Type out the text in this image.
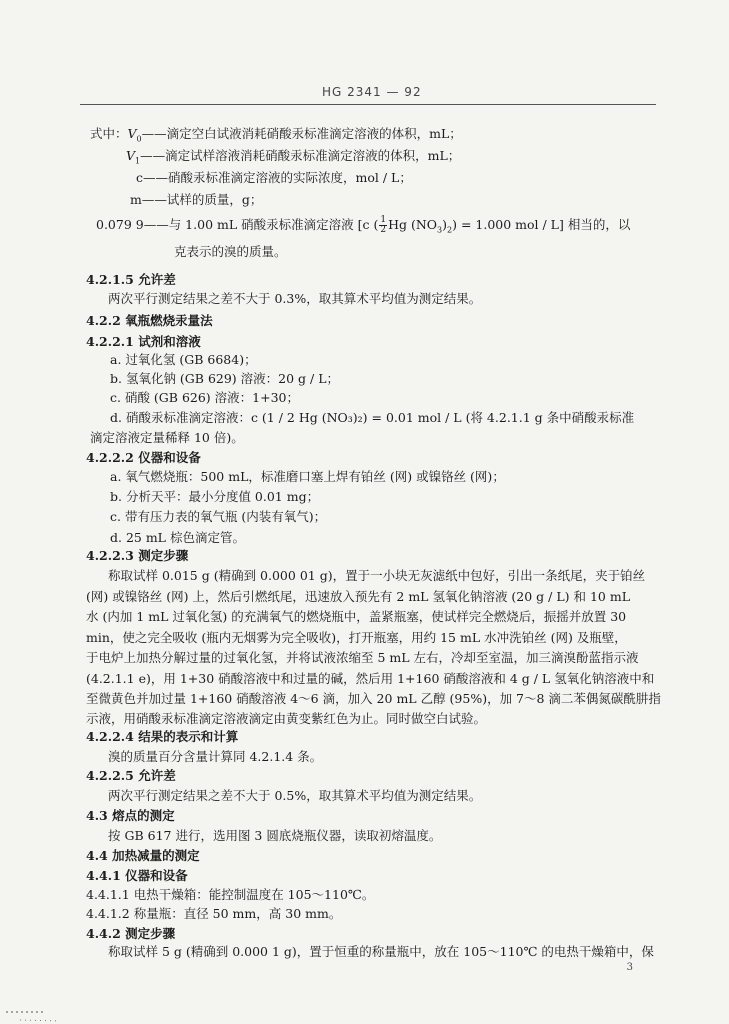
HG 2341 — 92
式中：$V_0——$滴定空白试液消耗硝酸汞标准滴定溶液的体积，mL；
$V_1——$滴定试样溶液消耗硝酸汞标准滴定溶液的体积，mL；
c——硝酸汞标准滴定溶液的实际浓度，mol / L；
m——试样的质量，g；
0.079 9——与 1.00 mL 硝酸汞标准滴定溶液 [c ( $\frac{1}{2}$ Hg $(NO_3)_2) = 1.000$ mol / L] 相当的，以
克表示的溴的质量。
4.2.1.5 允许差
两次平行测定结果之差不大于 0.3%，取其算术平均值为测定结果。
4.2.2 氧瓶燃烧汞量法
4.2.2.1 试剂和溶液
a. 过氧化氢 (GB 6684)；
b. 氢氧化钠 (GB 629) 溶液：20 g / L；
c. 硝酸 (GB 626) 溶液：1+30；
d. 硝酸汞标准滴定溶液：c (1 / 2 Hg (NO₃)₂) = 0.01 mol / L (将 4.2.1.1 g 条中硝酸汞标准
滴定溶液定量稀释 10 倍)。
4.2.2.2 仪器和设备
a. 氧气燃烧瓶：500 mL，标准磨口塞上焊有铂丝 (网) 或镍铬丝 (网)；
b. 分析天平：最小分度值 0.01 mg；
c. 带有压力表的氧气瓶 (内装有氧气)；
d. 25 mL 棕色滴定管。
4.2.2.3 测定步骤
称取试样 0.015 g (精确到 0.000 01 g)，置于一小块无灰滤纸中包好，引出一条纸尾，夹于铂丝
(网) 或镍铬丝 (网) 上，然后引燃纸尾，迅速放入预先有 2 mL 氢氧化钠溶液 (20 g / L) 和 10 mL
水 (内加 1 mL 过氧化氢) 的充满氧气的燃烧瓶中，盖紧瓶塞，使试样完全燃烧后，振摇并放置 30
min，使之完全吸收 (瓶内无烟雾为完全吸收)，打开瓶塞，用约 15 mL 水冲洗铂丝 (网) 及瓶壁，
于电炉上加热分解过量的过氧化氢，并将试液浓缩至 5 mL 左右，冷却至室温，加三滴溴酚蓝指示液
(4.2.1.1 e)，用 1+30 硝酸溶液中和过量的碱，然后用 1+160 硝酸溶液和 4 g / L 氢氧化钠溶液中和
至微黄色并加过量 1+160 硝酸溶液 4～6 滴，加入 20 mL 乙醇 (95%)，加 7～8 滴二苯偶氮碳酰肼指
示液，用硝酸汞标准滴定溶液滴定由黄变紫红色为止。同时做空白试验。
4.2.2.4 结果的表示和计算
溴的质量百分含量计算同 4.2.1.4 条。
4.2.2.5 允许差
两次平行测定结果之差不大于 0.5%，取其算术平均值为测定结果。
4.3 熔点的测定
按 GB 617 进行，选用图 3 圆底烧瓶仪器，读取初熔温度。
4.4 加热减量的测定
4.4.1 仪器和设备
4.4.1.1 电热干燥箱：能控制温度在 105～110℃。
4.4.1.2 称量瓶：直径 50 mm，高 30 mm。
4.4.2 测定步骤
称取试样 5 g (精确到 0.000 1 g)，置于恒重的称量瓶中，放在 105～110℃ 的电热干燥箱中，保
3
